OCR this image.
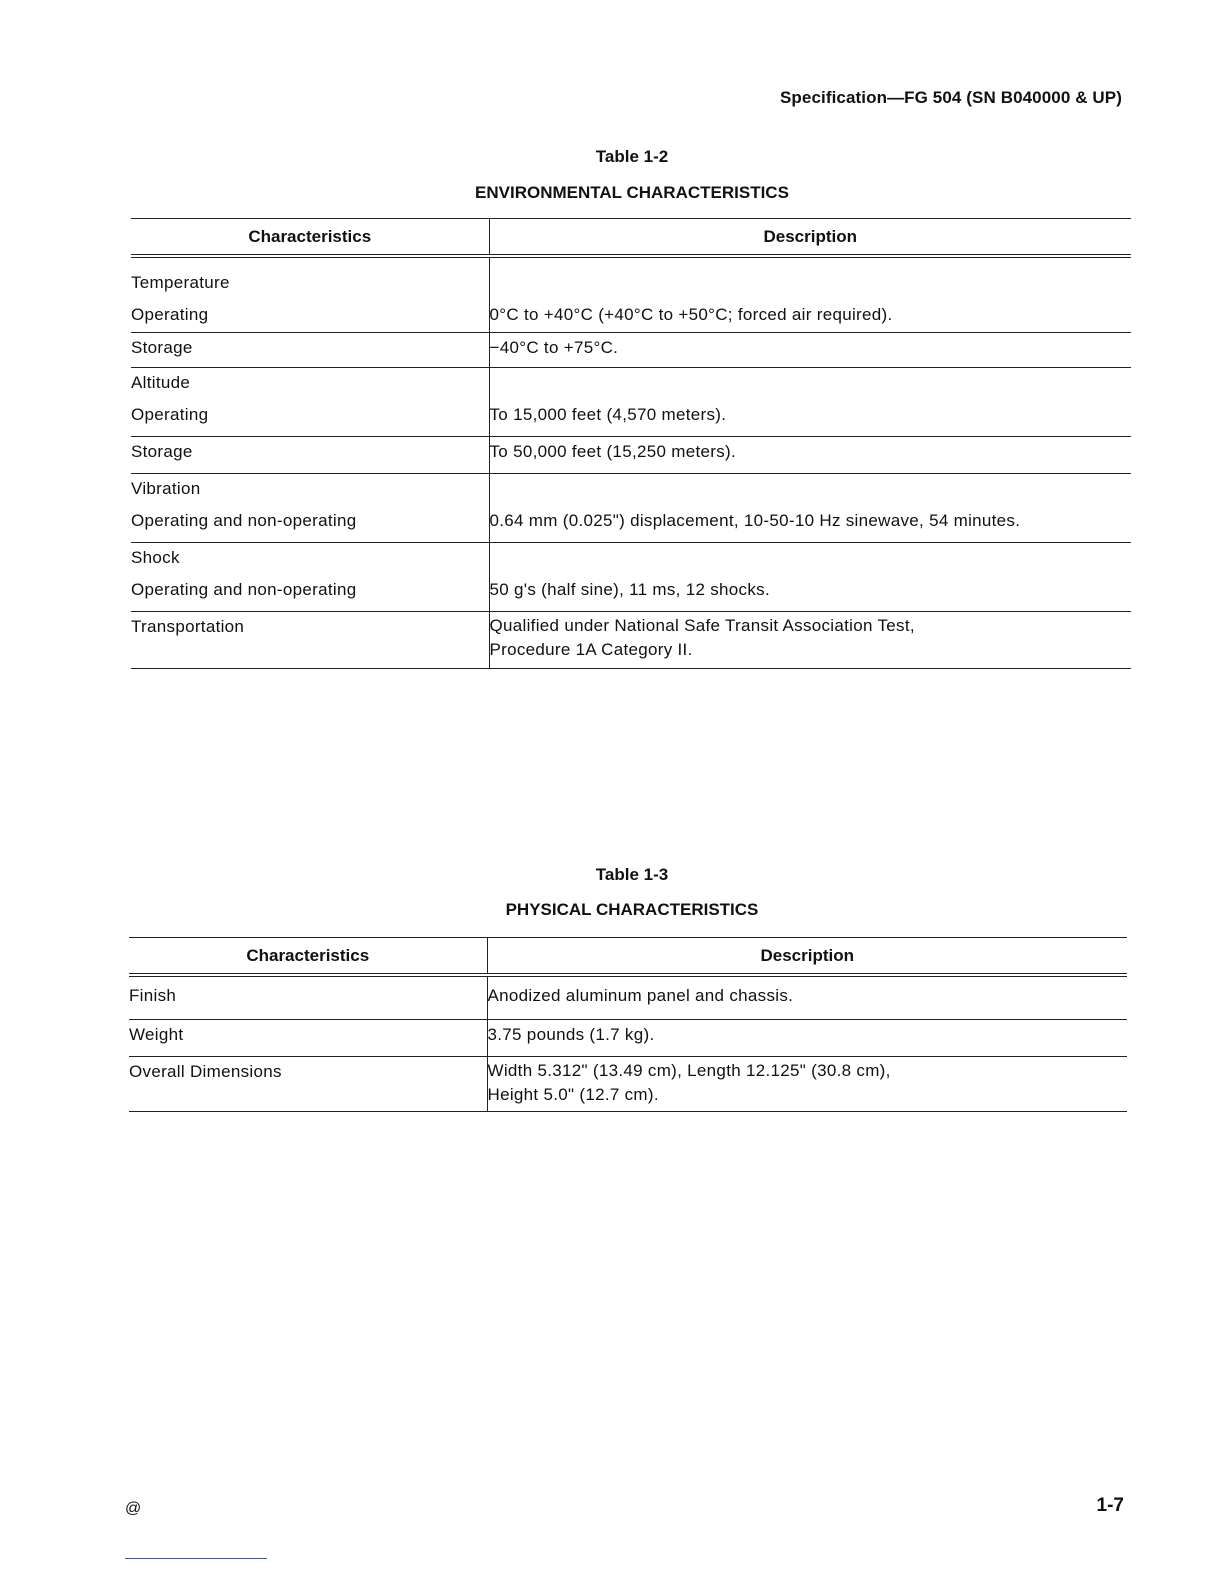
Specification—FG 504 (SN B040000 & UP)
Table 1-2
ENVIRONMENTAL CHARACTERISTICS
Characteristics	Description
Temperature	
Operating	0°C to +40°C (+40°C to +50°C; forced air required).
Storage	−40°C to +75°C.
Altitude	
Operating	To 15,000 feet (4,570 meters).
Storage	To 50,000 feet (15,250 meters).
Vibration	
Operating and non-operating	0.64 mm (0.025") displacement, 10-50-10 Hz sinewave, 54 minutes.
Shock	
Operating and non-operating	50 g's (half sine), 11 ms, 12 shocks.
Transportation	Qualified under National Safe Transit Association Test,
Procedure 1A Category II.
Table 1-3
PHYSICAL CHARACTERISTICS
Characteristics	Description
Finish	Anodized aluminum panel and chassis.
Weight	3.75 pounds (1.7 kg).
Overall Dimensions	Width 5.312" (13.49 cm), Length 12.125" (30.8 cm),
Height 5.0" (12.7 cm).
@	1-7
